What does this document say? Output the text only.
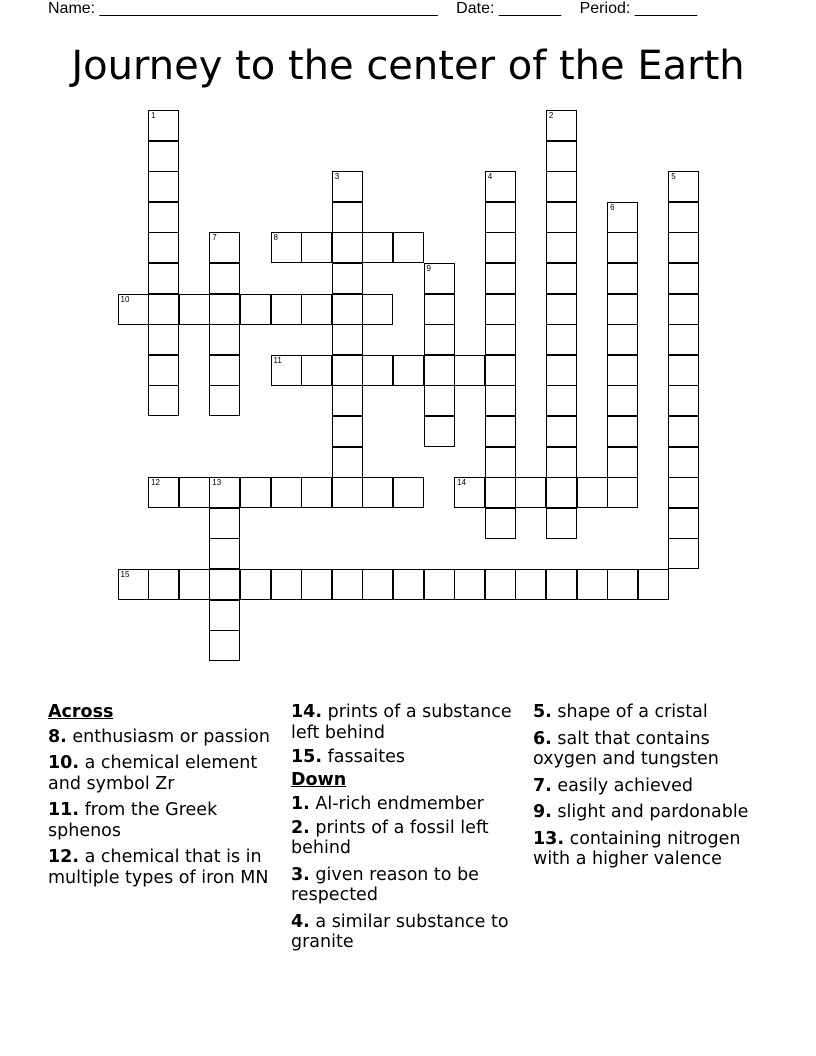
Name: ______________________________________ Date: _______ Period: _______
Journey to the center of the Earth
1	2
3	4	5
6
7	8
9
10
11
12	13	14
15
Across
8. enthusiasm or passion
10. a chemical element and symbol Zr
11. from the Greek sphenos
12. a chemical that is in multiple types of iron MN
14. prints of a substance left behind
15. fassaites
Down
1. Al-rich endmember
2. prints of a fossil left behind
3. given reason to be respected
4. a similar substance to granite
5. shape of a cristal
6. salt that contains oxygen and tungsten
7. easily achieved
9. slight and pardonable
13. containing nitrogen with a higher valence
